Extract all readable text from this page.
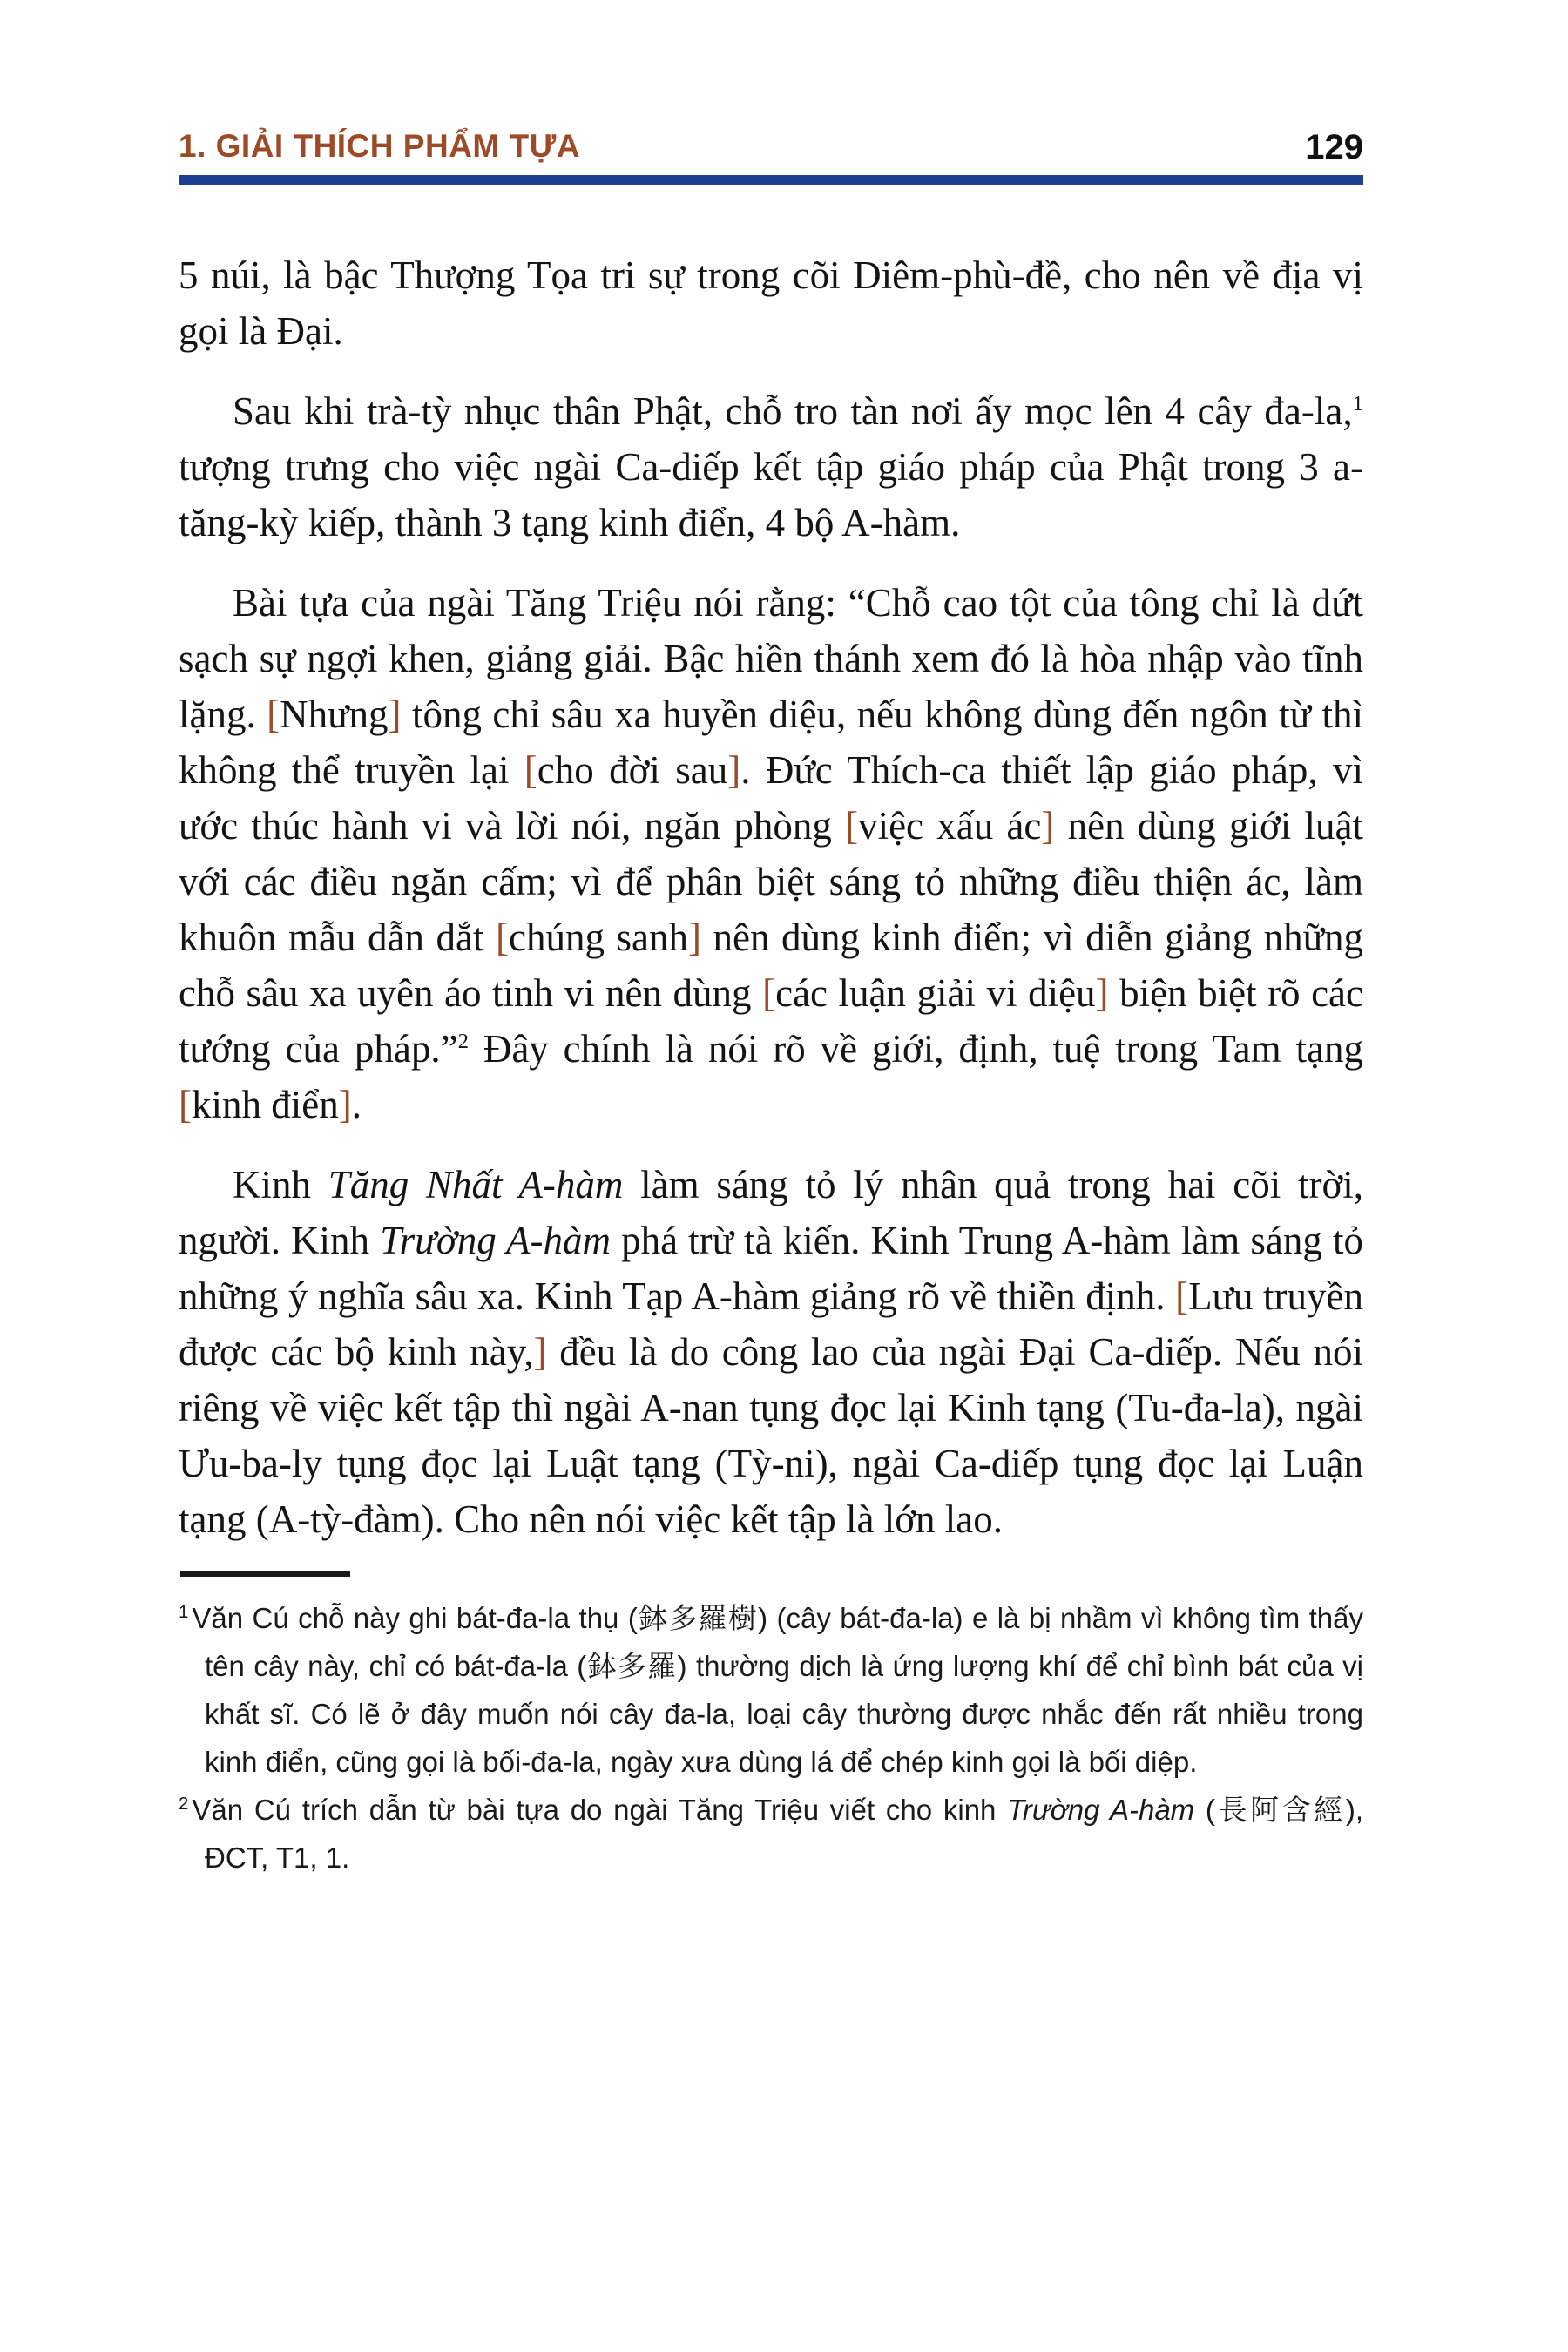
1. GIẢI THÍCH PHẨM TỰA	129

5 núi, là bậc Thượng Tọa tri sự trong cõi Diêm-phù-đề, cho nên về địa vị gọi là Đại.

Sau khi trà-tỳ nhục thân Phật, chỗ tro tàn nơi ấy mọc lên 4 cây đa-la,$^1$ tượng trưng cho việc ngài Ca-diếp kết tập giáo pháp của Phật trong 3 a-tăng-kỳ kiếp, thành 3 tạng kinh điển, 4 bộ A-hàm.

Bài tựa của ngài Tăng Triệu nói rằng: “Chỗ cao tột của tông chỉ là dứt sạch sự ngợi khen, giảng giải. Bậc hiền thánh xem đó là hòa nhập vào tĩnh lặng. [Nhưng] tông chỉ sâu xa huyền diệu, nếu không dùng đến ngôn từ thì không thể truyền lại [cho đời sau]. Đức Thích-ca thiết lập giáo pháp, vì ước thúc hành vi và lời nói, ngăn phòng [việc xấu ác] nên dùng giới luật với các điều ngăn cấm; vì để phân biệt sáng tỏ những điều thiện ác, làm khuôn mẫu dẫn dắt [chúng sanh] nên dùng kinh điển; vì diễn giảng những chỗ sâu xa uyên áo tinh vi nên dùng [các luận giải vi diệu] biện biệt rõ các tướng của pháp.”$^2$ Đây chính là nói rõ về giới, định, tuệ trong Tam tạng [kinh điển].

Kinh Tăng Nhất A-hàm làm sáng tỏ lý nhân quả trong hai cõi trời, người. Kinh Trường A-hàm phá trừ tà kiến. Kinh Trung A-hàm làm sáng tỏ những ý nghĩa sâu xa. Kinh Tạp A-hàm giảng rõ về thiền định. [Lưu truyền được các bộ kinh này,] đều là do công lao của ngài Đại Ca-diếp. Nếu nói riêng về việc kết tập thì ngài A-nan tụng đọc lại Kinh tạng (Tu-đa-la), ngài Ưu-ba-ly tụng đọc lại Luật tạng (Tỳ-ni), ngài Ca-diếp tụng đọc lại Luận tạng (A-tỳ-đàm). Cho nên nói việc kết tập là lớn lao.

$^1$ Văn Cú chỗ này ghi bát-đa-la thụ (鉢多羅樹) (cây bát-đa-la) e là bị nhầm vì không tìm thấy tên cây này, chỉ có bát-đa-la (鉢多羅) thường dịch là ứng lượng khí để chỉ bình bát của vị khất sĩ. Có lẽ ở đây muốn nói cây đa-la, loại cây thường được nhắc đến rất nhiều trong kinh điển, cũng gọi là bối-đa-la, ngày xưa dùng lá để chép kinh gọi là bối diệp.
$^2$ Văn Cú trích dẫn từ bài tựa do ngài Tăng Triệu viết cho kinh Trường A-hàm (長阿含經), ĐCT, T1, 1.
